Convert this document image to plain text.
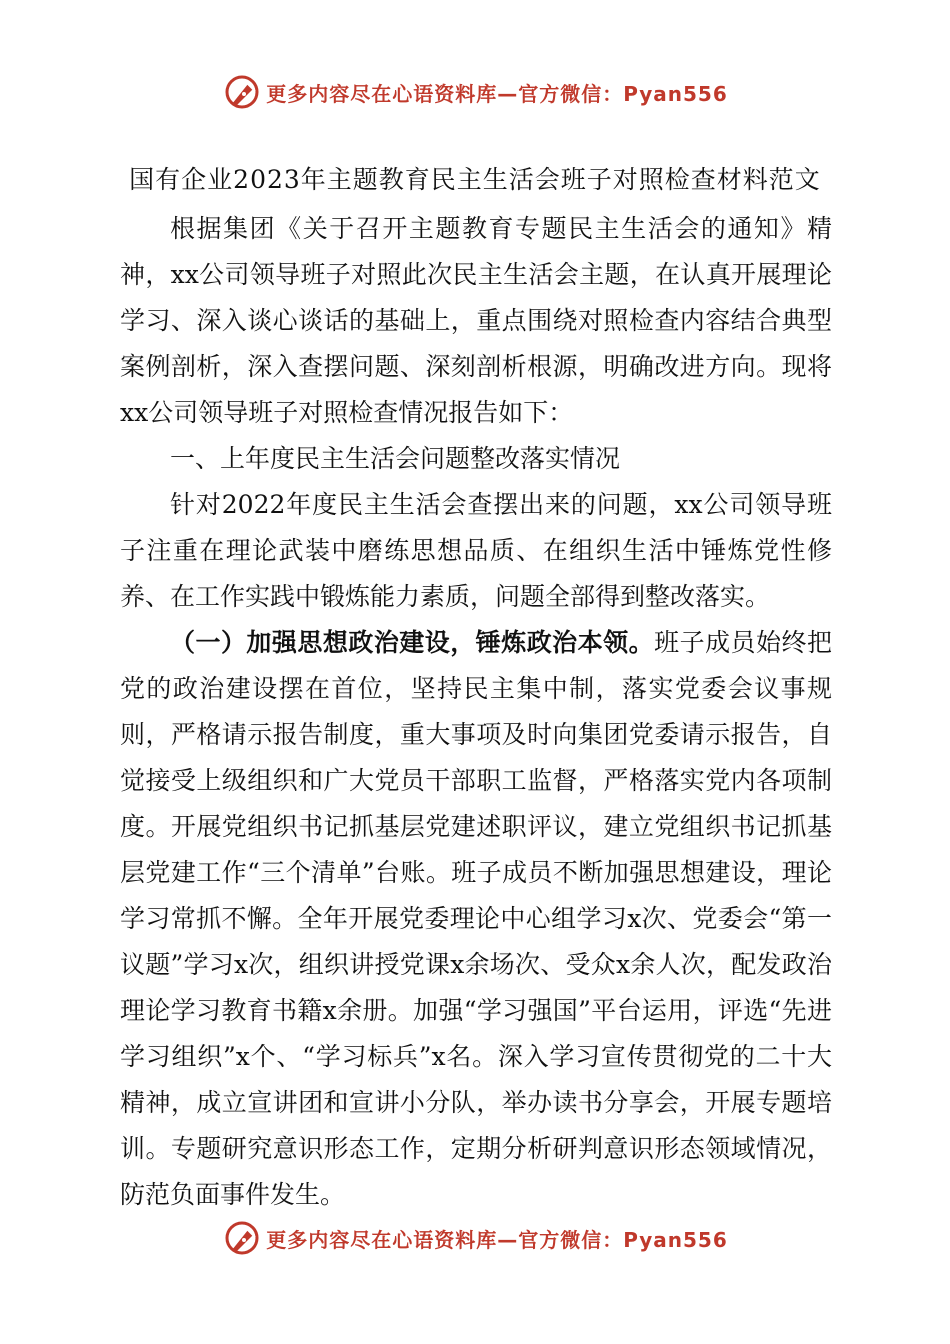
更多内容尽在心语资料库—官方微信：Pyan556
国有企业2023年主题教育民主生活会班子对照检查材料范文

根据集团《关于召开主题教育专题民主生活会的通知》精神，xx公司领导班子对照此次民主生活会主题，在认真开展理论学习、深入谈心谈话的基础上，重点围绕对照检查内容结合典型案例剖析，深入查摆问题、深刻剖析根源，明确改进方向。现将xx公司领导班子对照检查情况报告如下：

一、上年度民主生活会问题整改落实情况

针对2022年度民主生活会查摆出来的问题，xx公司领导班子注重在理论武装中磨练思想品质、在组织生活中锤炼党性修养、在工作实践中锻炼能力素质，问题全部得到整改落实。

（一）加强思想政治建设，锤炼政治本领。班子成员始终把党的政治建设摆在首位，坚持民主集中制，落实党委会议事规则，严格请示报告制度，重大事项及时向集团党委请示报告，自觉接受上级组织和广大党员干部职工监督，严格落实党内各项制度。开展党组织书记抓基层党建述职评议，建立党组织书记抓基层党建工作“三个清单”台账。班子成员不断加强思想建设，理论学习常抓不懈。全年开展党委理论中心组学习x次、党委会“第一议题”学习x次，组织讲授党课x余场次、受众x余人次，配发政治理论学习教育书籍x余册。加强“学习强国”平台运用，评选“先进学习组织”x个、“学习标兵”x名。深入学习宣传贯彻党的二十大精神，成立宣讲团和宣讲小分队，举办读书分享会，开展专题培训。专题研究意识形态工作，定期分析研判意识形态领域情况，防范负面事件发生。

更多内容尽在心语资料库—官方微信：Pyan556
